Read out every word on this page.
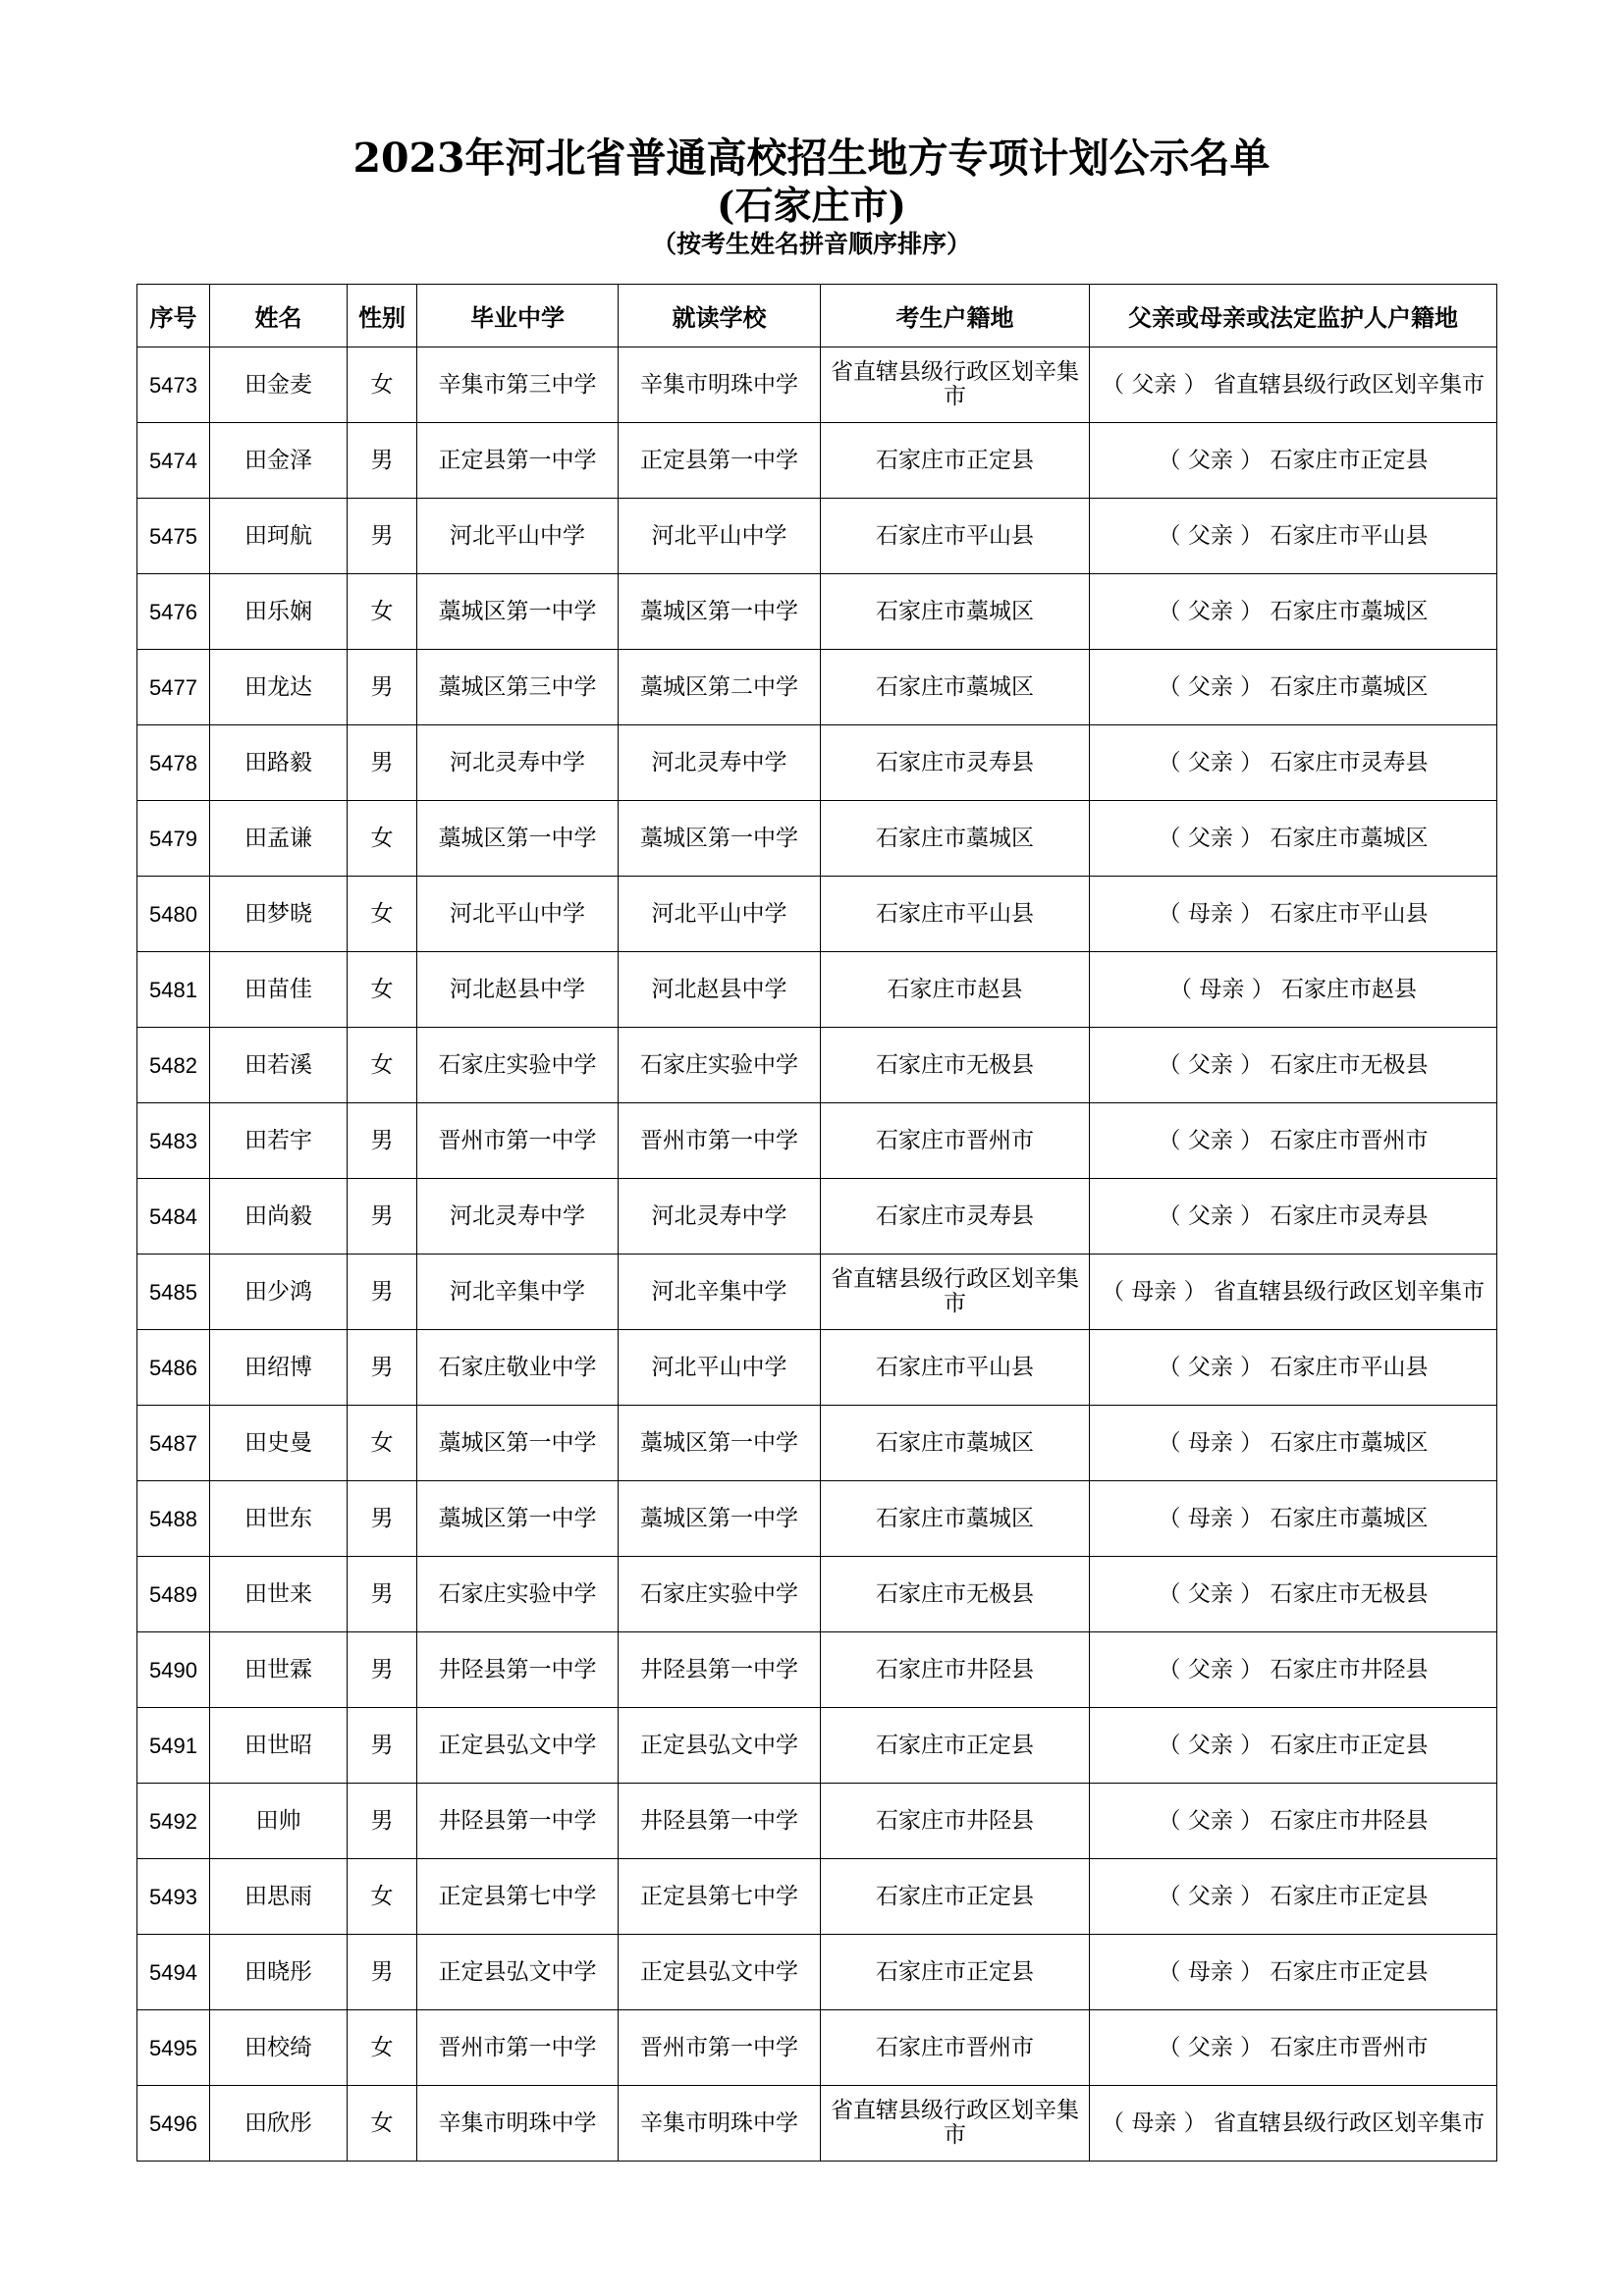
2023年河北省普通高校招生地方专项计划公示名单
(石家庄市)
（按考生姓名拼音顺序排序）
序号	姓名	性别	毕业中学	就读学校	考生户籍地	父亲或母亲或法定监护人户籍地
5473	田金麦	女	辛集市第三中学	辛集市明珠中学	省直辖县级行政区划辛集市	（ 父亲 ） 省直辖县级行政区划辛集市
5474	田金泽	男	正定县第一中学	正定县第一中学	石家庄市正定县	（ 父亲 ） 石家庄市正定县
5475	田珂航	男	河北平山中学	河北平山中学	石家庄市平山县	（ 父亲 ） 石家庄市平山县
5476	田乐娴	女	藁城区第一中学	藁城区第一中学	石家庄市藁城区	（ 父亲 ） 石家庄市藁城区
5477	田龙达	男	藁城区第三中学	藁城区第二中学	石家庄市藁城区	（ 父亲 ） 石家庄市藁城区
5478	田路毅	男	河北灵寿中学	河北灵寿中学	石家庄市灵寿县	（ 父亲 ） 石家庄市灵寿县
5479	田孟谦	女	藁城区第一中学	藁城区第一中学	石家庄市藁城区	（ 父亲 ） 石家庄市藁城区
5480	田梦晓	女	河北平山中学	河北平山中学	石家庄市平山县	（ 母亲 ） 石家庄市平山县
5481	田苗佳	女	河北赵县中学	河北赵县中学	石家庄市赵县	（ 母亲 ） 石家庄市赵县
5482	田若溪	女	石家庄实验中学	石家庄实验中学	石家庄市无极县	（ 父亲 ） 石家庄市无极县
5483	田若宇	男	晋州市第一中学	晋州市第一中学	石家庄市晋州市	（ 父亲 ） 石家庄市晋州市
5484	田尚毅	男	河北灵寿中学	河北灵寿中学	石家庄市灵寿县	（ 父亲 ） 石家庄市灵寿县
5485	田少鸿	男	河北辛集中学	河北辛集中学	省直辖县级行政区划辛集市	（ 母亲 ） 省直辖县级行政区划辛集市
5486	田绍博	男	石家庄敬业中学	河北平山中学	石家庄市平山县	（ 父亲 ） 石家庄市平山县
5487	田史曼	女	藁城区第一中学	藁城区第一中学	石家庄市藁城区	（ 母亲 ） 石家庄市藁城区
5488	田世东	男	藁城区第一中学	藁城区第一中学	石家庄市藁城区	（ 母亲 ） 石家庄市藁城区
5489	田世来	男	石家庄实验中学	石家庄实验中学	石家庄市无极县	（ 父亲 ） 石家庄市无极县
5490	田世霖	男	井陉县第一中学	井陉县第一中学	石家庄市井陉县	（ 父亲 ） 石家庄市井陉县
5491	田世昭	男	正定县弘文中学	正定县弘文中学	石家庄市正定县	（ 父亲 ） 石家庄市正定县
5492	田帅	男	井陉县第一中学	井陉县第一中学	石家庄市井陉县	（ 父亲 ） 石家庄市井陉县
5493	田思雨	女	正定县第七中学	正定县第七中学	石家庄市正定县	（ 父亲 ） 石家庄市正定县
5494	田晓彤	男	正定县弘文中学	正定县弘文中学	石家庄市正定县	（ 母亲 ） 石家庄市正定县
5495	田校绮	女	晋州市第一中学	晋州市第一中学	石家庄市晋州市	（ 父亲 ） 石家庄市晋州市
5496	田欣彤	女	辛集市明珠中学	辛集市明珠中学	省直辖县级行政区划辛集市	（ 母亲 ） 省直辖县级行政区划辛集市
